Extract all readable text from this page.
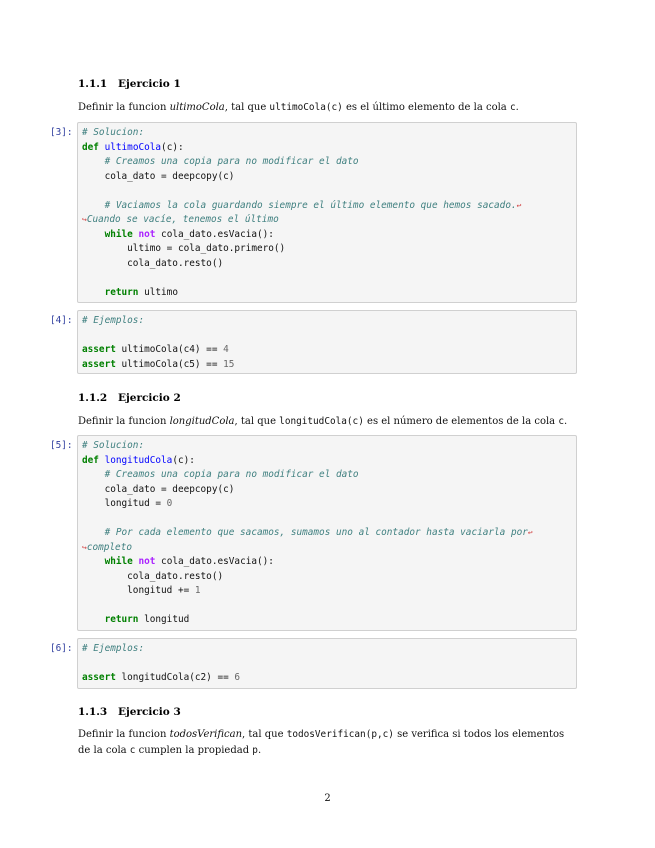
1.1.1 Ejercicio 1
Definir la funcion ultimoCola, tal que ultimoCola(c) es el último elemento de la cola c.
[3]:	# Solucion:
def ultimoCola(c):
# Creamos una copia para no modificar el dato
cola_dato = deepcopy(c)
# Vaciamos la cola guardando siempre el último elemento que hemos sacado.↩
↪Cuando se vacíe, tenemos el último
while not cola_dato.esVacia():
ultimo = cola_dato.primero()
cola_dato.resto()
return ultimo
[4]:	# Ejemplos:
assert ultimoCola(c4) == 4
assert ultimoCola(c5) == 15
1.1.2 Ejercicio 2
Definir la funcion longitudCola, tal que longitudCola(c) es el número de elementos de la cola c.
[5]:	# Solucion:
def longitudCola(c):
# Creamos una copia para no modificar el dato
cola_dato = deepcopy(c)
longitud = 0
# Por cada elemento que sacamos, sumamos uno al contador hasta vaciarla por↩
↪completo
while not cola_dato.esVacia():
cola_dato.resto()
longitud += 1
return longitud
[6]:	# Ejemplos:
assert longitudCola(c2) == 6
1.1.3 Ejercicio 3
Definir la funcion todosVerifican, tal que todosVerifican(p,c) se verifica si todos los elementos
de la cola c cumplen la propiedad p.
2
